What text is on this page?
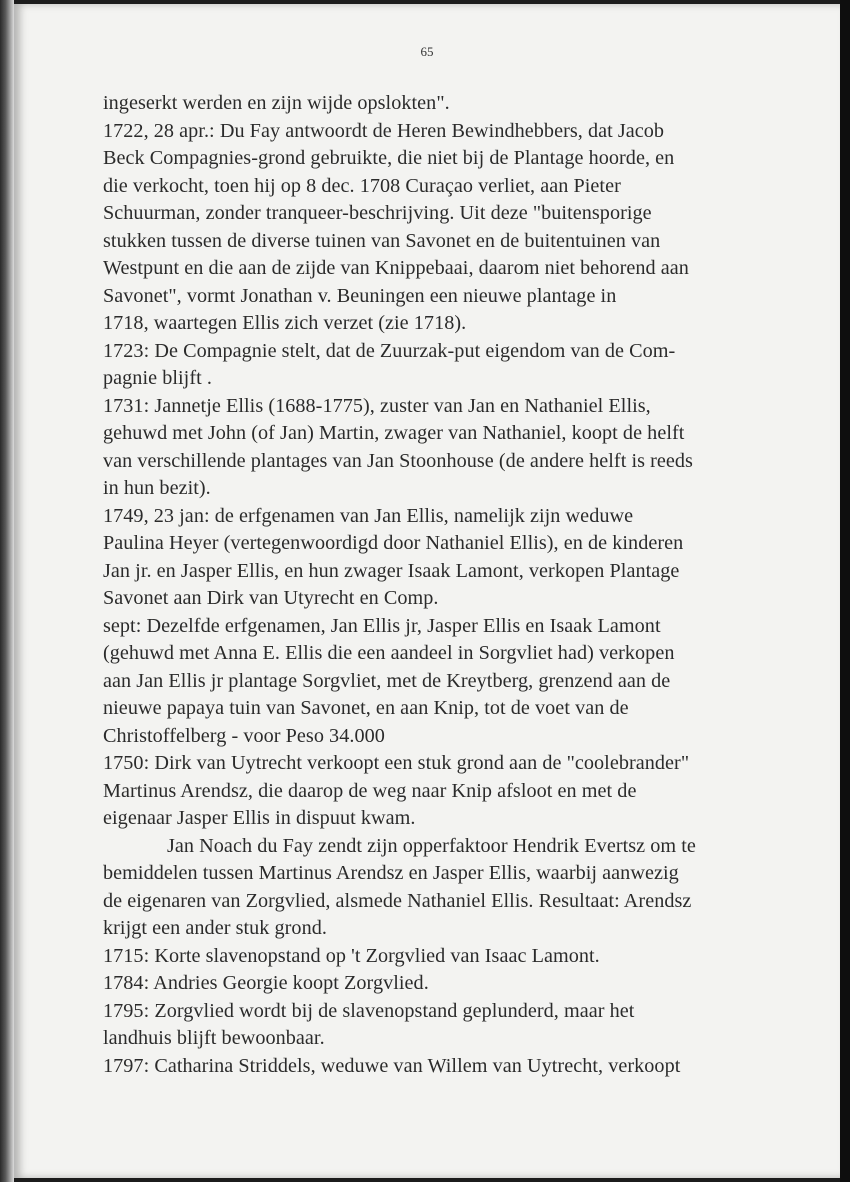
65
ingeserkt werden en zijn wijde opslokten".
1722, 28 apr.: Du Fay antwoordt de Heren Bewindhebbers, dat Jacob
Beck Compagnies-grond gebruikte, die niet bij de Plantage hoorde, en
die verkocht, toen hij op 8 dec. 1708 Curaçao verliet, aan Pieter
Schuurman, zonder tranqueer-beschrijving. Uit deze "buitensporige
stukken tussen de diverse tuinen van Savonet en de buitentuinen van
Westpunt en die aan de zijde van Knippebaai, daarom niet behorend aan
Savonet", vormt Jonathan v. Beuningen een nieuwe plantage in
1718, waartegen Ellis zich verzet (zie 1718).
1723: De Compagnie stelt, dat de Zuurzak-put eigendom van de Com-
pagnie blijft .
1731: Jannetje Ellis (1688-1775), zuster van Jan en Nathaniel Ellis,
gehuwd met John (of Jan) Martin, zwager van Nathaniel, koopt de helft
van verschillende plantages van Jan Stoonhouse (de andere helft is reeds
in hun bezit).
1749, 23 jan: de erfgenamen van Jan Ellis, namelijk zijn weduwe
Paulina Heyer (vertegenwoordigd door Nathaniel Ellis), en de kinderen
Jan jr. en Jasper Ellis, en hun zwager Isaak Lamont, verkopen Plantage
Savonet aan Dirk van Utyrecht en Comp.
sept: Dezelfde erfgenamen, Jan Ellis jr, Jasper Ellis en Isaak Lamont
(gehuwd met Anna E. Ellis die een aandeel in Sorgvliet had) verkopen
aan Jan Ellis jr plantage Sorgvliet, met de Kreytberg, grenzend aan de
nieuwe papaya tuin van Savonet, en aan Knip, tot de voet van de
Christoffelberg - voor Peso 34.000
1750: Dirk van Uytrecht verkoopt een stuk grond aan de "coolebrander"
Martinus Arendsz, die daarop de weg naar Knip afsloot en met de
eigenaar Jasper Ellis in dispuut kwam.
Jan Noach du Fay zendt zijn opperfaktoor Hendrik Evertsz om te
bemiddelen tussen Martinus Arendsz en Jasper Ellis, waarbij aanwezig
de eigenaren van Zorgvlied, alsmede Nathaniel Ellis. Resultaat: Arendsz
krijgt een ander stuk grond.
1715: Korte slavenopstand op 't Zorgvlied van Isaac Lamont.
1784: Andries Georgie koopt Zorgvlied.
1795: Zorgvlied wordt bij de slavenopstand geplunderd, maar het
landhuis blijft bewoonbaar.
1797: Catharina Striddels, weduwe van Willem van Uytrecht, verkoopt
